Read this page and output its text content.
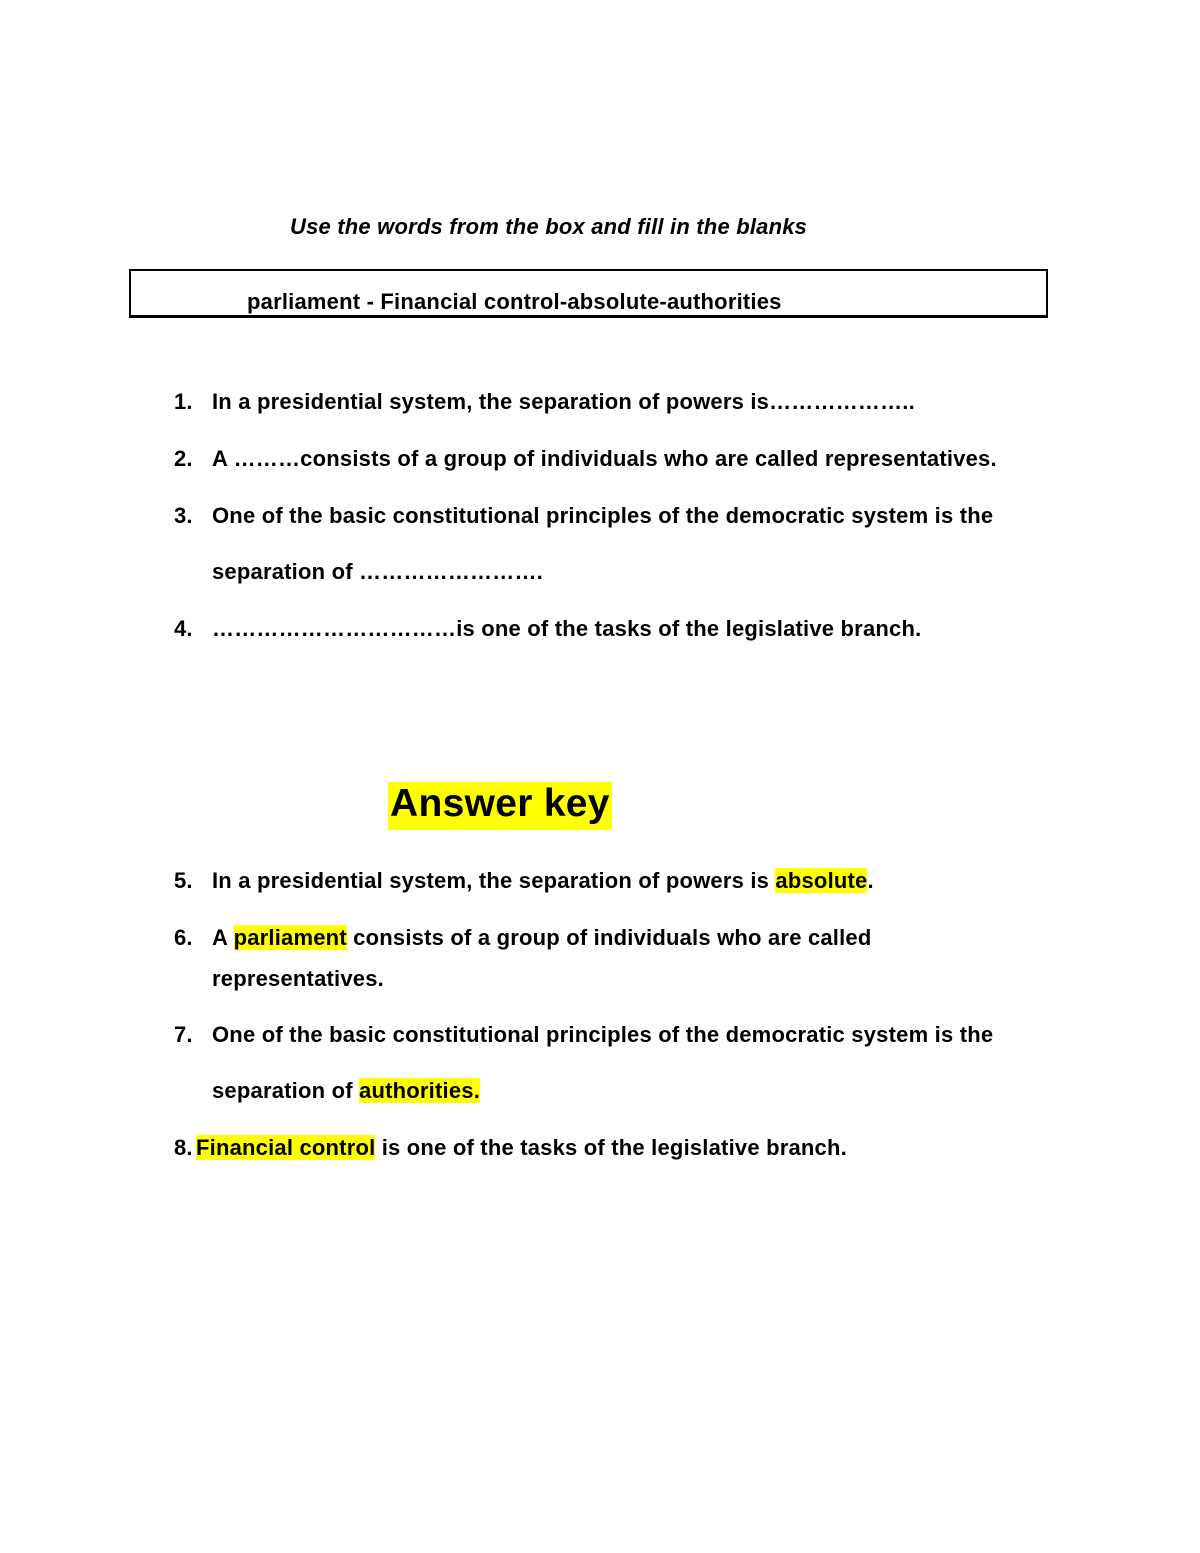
Use the words from the box and fill in the blanks
parliament - Financial control-absolute-authorities
1. In a presidential system, the separation of powers is………………..
2. A ………consists of a group of individuals who are called representatives.
3. One of the basic constitutional principles of the democratic system is the
separation of …………………….
4. ……………………………is one of the tasks of the legislative branch.
Answer key
5. In a presidential system, the separation of powers is absolute.
6. A parliament consists of a group of individuals who are called
representatives.
7. One of the basic constitutional principles of the democratic system is the
separation of authorities.
8. Financial control is one of the tasks of the legislative branch.
